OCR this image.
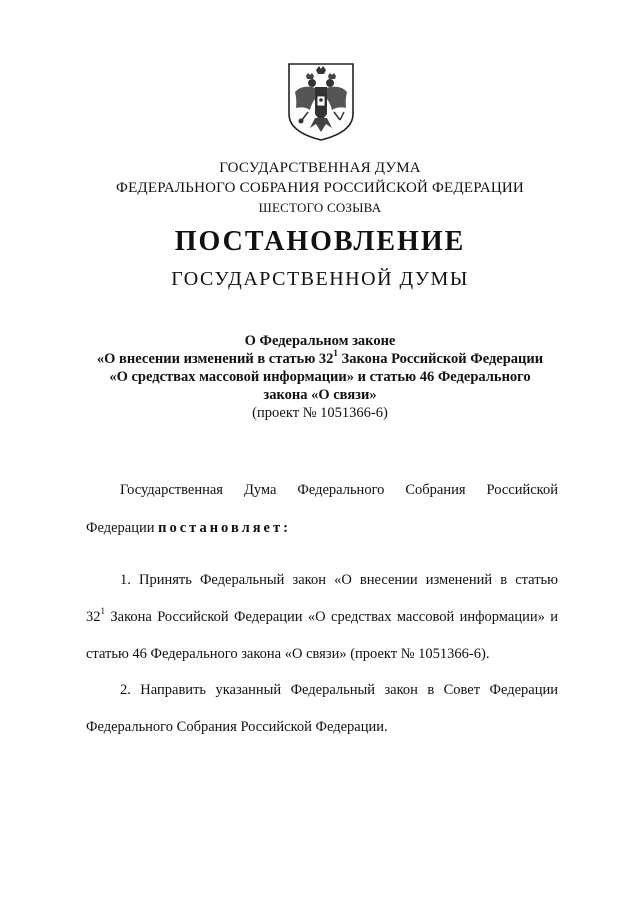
ГОСУДАРСТВЕННАЯ ДУМА
ФЕДЕРАЛЬНОГО СОБРАНИЯ РОССИЙСКОЙ ФЕДЕРАЦИИ
ШЕСТОГО СОЗЫВА
ПОСТАНОВЛЕНИЕ
ГОСУДАРСТВЕННОЙ ДУМЫ
О Федеральном законе
«О внесении изменений в статью $32^1$ Закона Российской Федерации
«О средствах массовой информации» и статью 46 Федерального
закона «О связи»
(проект № 1051366-6)
Государственная Дума Федерального Собрания Российской
Федерации постановляет:
1. Принять Федеральный закон «О внесении изменений в статью
$32^1$ Закона Российской Федерации «О средствах массовой информации» и
статью 46 Федерального закона «О связи» (проект № 1051366-6).
2. Направить указанный Федеральный закон в Совет Федерации
Федерального Собрания Российской Федерации.
